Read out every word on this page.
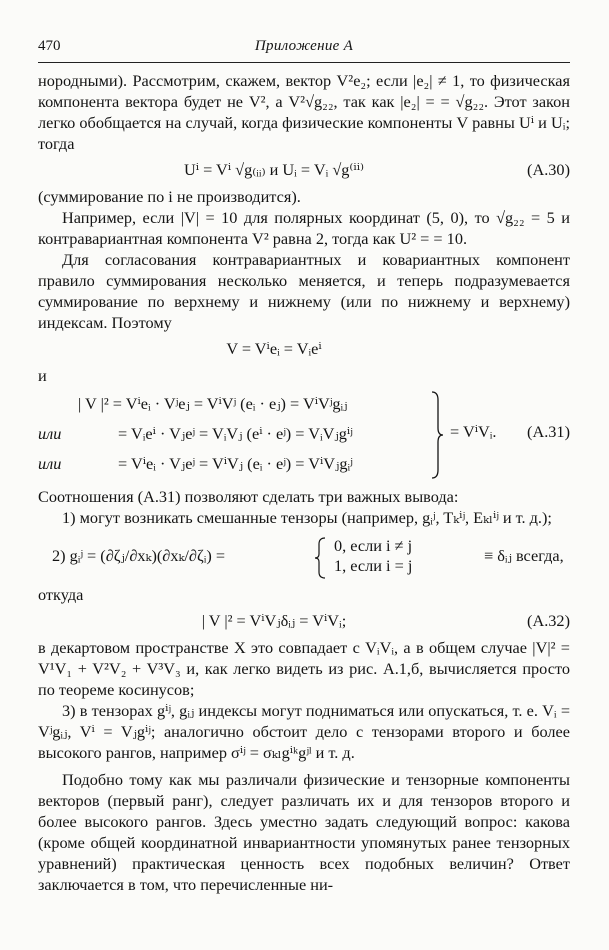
470	Приложение А

нородными). Рассмотрим, скажем, вектор V²e₂; если |e₂| ≠ 1, то физическая компонента вектора будет не V², а V²√g₂₂, так как |e₂| = = √g₂₂. Этот закон легко обобщается на случай, когда физические компоненты V равны Uⁱ и Uᵢ; тогда

Uⁱ = Vⁱ √g₍ᵢᵢ₎ и Uᵢ = Vᵢ √g⁽ⁱⁱ⁾	(А.30)

(суммирование по i не производится).

Например, если |V| = 10 для полярных координат (5, 0), то √g₂₂ = 5 и контравариантная компонента V² равна 2, тогда как U² = = 10.

Для согласования контравариантных и ковариантных компонент правило суммирования несколько меняется, и теперь подразумевается суммирование по верхнему и нижнему (или по нижнему и верхнему) индексам. Поэтому

V = Vⁱeᵢ = Vᵢeⁱ

и

| V |² = Vⁱeᵢ · Vʲeⱼ = VⁱVʲ (eᵢ · eⱼ) = VⁱVʲgᵢⱼ
или	= Vᵢeⁱ · Vⱼeʲ = VᵢVⱼ (eⁱ · eʲ) = VᵢVⱼgⁱʲ
или	= Vⁱeᵢ · Vⱼeʲ = VⁱVⱼ (eᵢ · eʲ) = VⁱVⱼgᵢʲ
= VⁱVᵢ. (А.31)

Соотношения (А.31) позволяют сделать три важных вывода:

1) могут возникать смешанные тензоры (например, gᵢʲ, Tₖⁱʲ, Eₖₗⁱʲ и т. д.);

2) gᵢʲ = (∂ζⱼ/∂xₖ)(∂xₖ/∂ζᵢ) =
0, если i ≠ j
1, если i = j
≡ δᵢⱼ всегда,

откуда

| V |² = VⁱVⱼδᵢⱼ = VⁱVᵢ;	(А.32)

в декартовом пространстве X это совпадает с VᵢVᵢ, а в общем случае |V|² = V¹V₁ + V²V₂ + V³V₃ и, как легко видеть из рис. А.1,б, вычисляется просто по теореме косинусов;

3) в тензорах gⁱʲ, gᵢⱼ индексы могут подниматься или опускаться, т. е. Vᵢ = Vʲgᵢⱼ, Vⁱ = Vⱼgⁱʲ; аналогично обстоит дело с тензорами второго и более высокого рангов, например σⁱʲ = σₖₗgⁱᵏgʲˡ и т. д.

Подобно тому как мы различали физические и тензорные компоненты векторов (первый ранг), следует различать их и для тензоров второго и более высокого рангов. Здесь уместно задать следующий вопрос: какова (кроме общей координатной инвариантности упомянутых ранее тензорных уравнений) практическая ценность всех подобных величин? Ответ заключается в том, что перечисленные ни-
